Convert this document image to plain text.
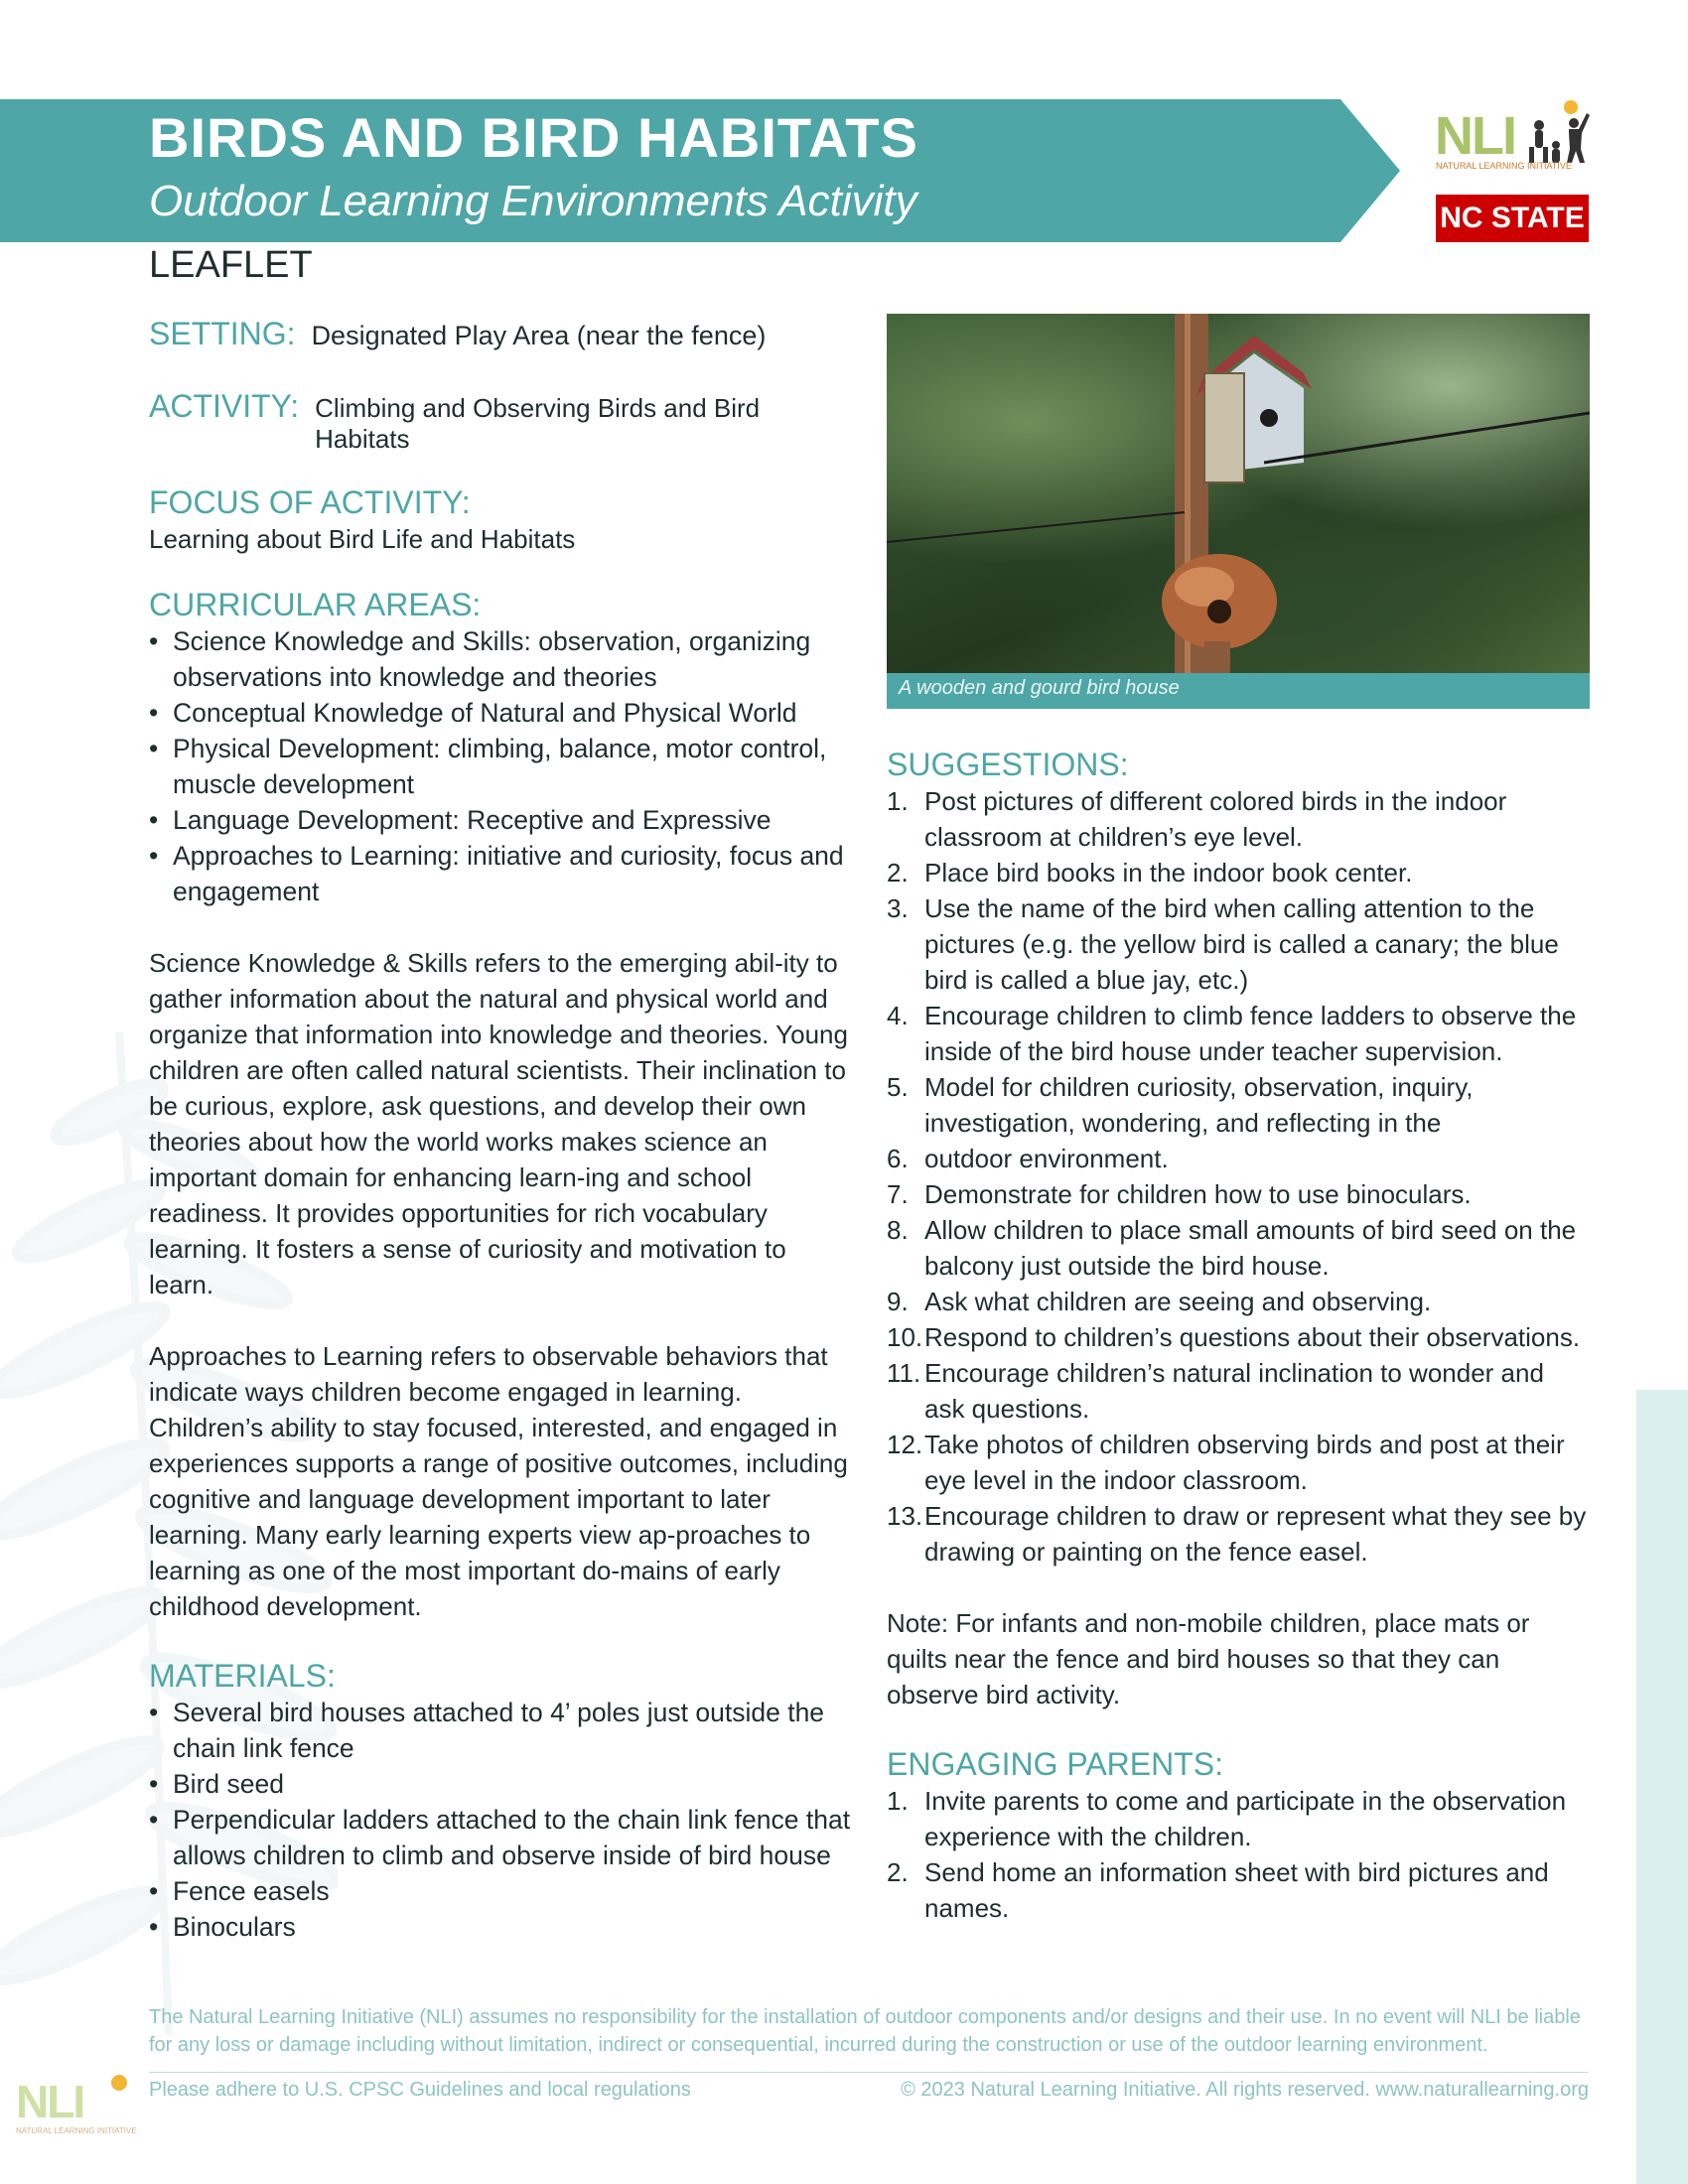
BIRDS AND BIRD HABITATS
Outdoor Learning Environments Activity
LEAFLET
NLI
NATURAL LEARNING INITIATIVE
NC STATE
SETTING: Designated Play Area (near the fence)
ACTIVITY: Climbing and Observing Birds and Bird Habitats
FOCUS OF ACTIVITY:

Learning about Bird Life and Habitats

CURRICULAR AREAS:
• Science Knowledge and Skills: observation, organizing observations into knowledge and theories
• Conceptual Knowledge of Natural and Physical World
• Physical Development: climbing, balance, motor control, muscle development
• Language Development: Receptive and Expressive
• Approaches to Learning: initiative and curiosity, focus and engagement

Science Knowledge & Skills refers to the emerging abil-ity to gather information about the natural and physical world and organize that information into knowledge and theories. Young children are often called natural scientists. Their inclination to be curious, explore, ask questions, and develop their own theories about how the world works makes science an important domain for enhancing learn-ing and school readiness. It provides opportunities for rich vocabulary learning. It fosters a sense of curiosity and motivation to learn.

Approaches to Learning refers to observable behaviors that indicate ways children become engaged in learning. Children’s ability to stay focused, interested, and engaged in experiences supports a range of positive outcomes, including cognitive and language development important to later learning. Many early learning experts view ap-proaches to learning as one of the most important do-mains of early childhood development.

MATERIALS:
• Several bird houses attached to 4’ poles just outside the chain link fence
• Bird seed
• Perpendicular ladders attached to the chain link fence that allows children to climb and observe inside of bird house
• Fence easels
• Binoculars
A wooden and gourd bird house
SUGGESTIONS:
1. Post pictures of different colored birds in the indoor classroom at children’s eye level.
2. Place bird books in the indoor book center.
3. Use the name of the bird when calling attention to the pictures (e.g. the yellow bird is called a canary; the blue bird is called a blue jay, etc.)
4. Encourage children to climb fence ladders to observe the inside of the bird house under teacher supervision.
5. Model for children curiosity, observation, inquiry, investigation, wondering, and reflecting in the
6. outdoor environment.
7. Demonstrate for children how to use binoculars.
8. Allow children to place small amounts of bird seed on the balcony just outside the bird house.
9. Ask what children are seeing and observing.
10. Respond to children’s questions about their observations.
11. Encourage children’s natural inclination to wonder and ask questions.
12. Take photos of children observing birds and post at their eye level in the indoor classroom.
13. Encourage children to draw or represent what they see by drawing or painting on the fence easel.

Note: For infants and non-mobile children, place mats or quilts near the fence and bird houses so that they can observe bird activity.

ENGAGING PARENTS:
1. Invite parents to come and participate in the observation experience with the children.
2. Send home an information sheet with bird pictures and names.

The Natural Learning Initiative (NLI) assumes no responsibility for the installation of outdoor components and/or designs and their use. In no event will NLI be liable for any loss or damage including without limitation, indirect or consequential, incurred during the construction or use of the outdoor learning environment.

NLI
NATURAL LEARNING INITIATIVE
Please adhere to U.S. CPSC Guidelines and local regulations	© 2023 Natural Learning Initiative. All rights reserved. www.naturallearning.org
